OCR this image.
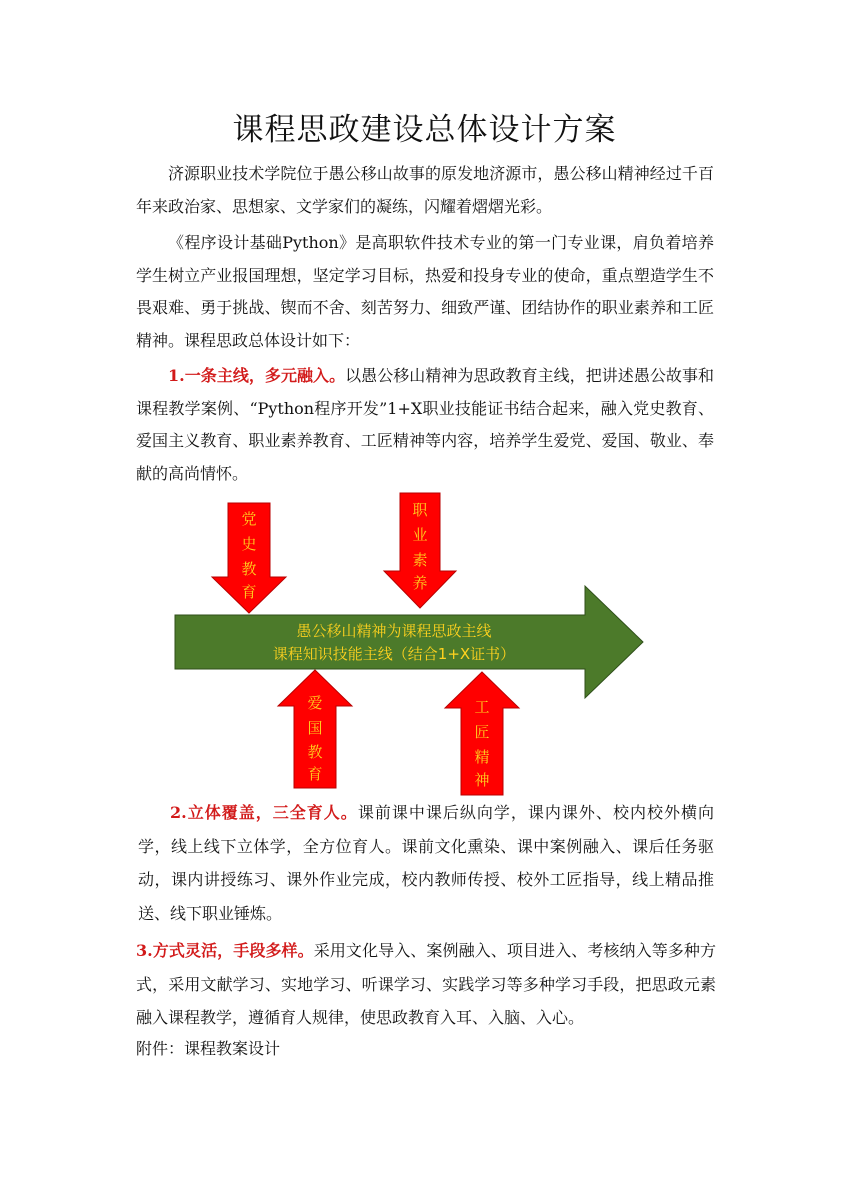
课程思政建设总体设计方案

济源职业技术学院位于愚公移山故事的原发地济源市，愚公移山精神经过千百年来政治家、思想家、文学家们的凝练，闪耀着熠熠光彩。

《程序设计基础Python》是高职软件技术专业的第一门专业课，肩负着培养学生树立产业报国理想，坚定学习目标，热爱和投身专业的使命，重点塑造学生不畏艰难、勇于挑战、锲而不舍、刻苦努力、细致严谨、团结协作的职业素养和工匠精神。课程思政总体设计如下：

1.一条主线，多元融入。以愚公移山精神为思政教育主线，把讲述愚公故事和课程教学案例、“Python程序开发”1+X职业技能证书结合起来，融入党史教育、爱国主义教育、职业素养教育、工匠精神等内容，培养学生爱党、爱国、敬业、奉献的高尚情怀。

愚公移山精神为课程思政主线
课程知识技能主线（结合1+X证书）
党
史
教
育
职
业
素
养
爱
国
教
育
工
匠
精
神

2.立体覆盖，三全育人。课前课中课后纵向学，课内课外、校内校外横向学，线上线下立体学，全方位育人。课前文化熏染、课中案例融入、课后任务驱动，课内讲授练习、课外作业完成，校内教师传授、校外工匠指导，线上精品推送、线下职业锤炼。

3.方式灵活，手段多样。采用文化导入、案例融入、项目进入、考核纳入等多种方式，采用文献学习、实地学习、听课学习、实践学习等多种学习手段，把思政元素融入课程教学，遵循育人规律，使思政教育入耳、入脑、入心。

附件：课程教案设计
